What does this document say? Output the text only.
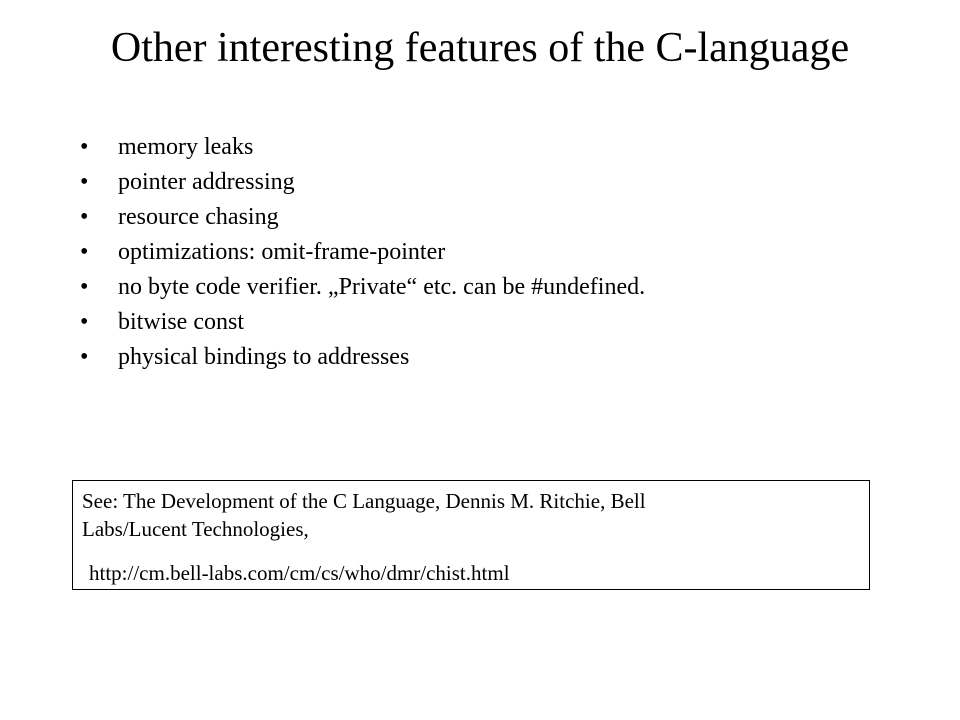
Other interesting features of the C-language
•	memory leaks
•	pointer addressing
•	resource chasing
•	optimizations: omit-frame-pointer
•	no byte code verifier. „Private“ etc. can be #undefined.
•	bitwise const
•	physical bindings to addresses
See: The Development of the C Language, Dennis M. Ritchie, Bell
Labs/Lucent Technologies,
http://cm.bell-labs.com/cm/cs/who/dmr/chist.html
